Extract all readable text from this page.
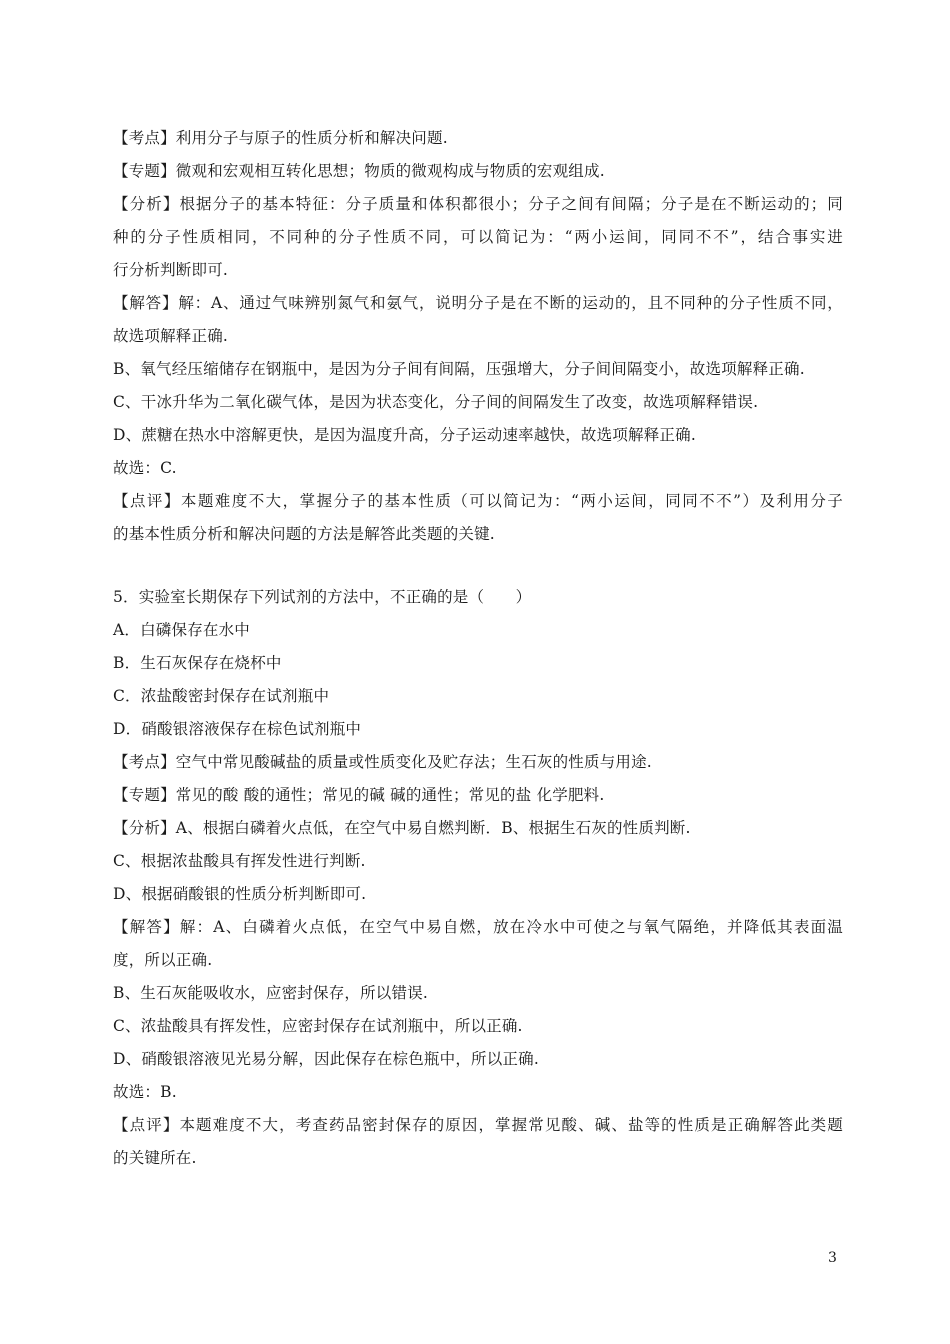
【考点】利用分子与原子的性质分析和解决问题.
【专题】微观和宏观相互转化思想；物质的微观构成与物质的宏观组成.
【分析】根据分子的基本特征：分子质量和体积都很小；分子之间有间隔；分子是在不断运动的；同
种的分子性质相同，不同种的分子性质不同，可以简记为：“两小运间，同同不不”，结合事实进
行分析判断即可.
【解答】解：A、通过气味辨别氮气和氨气，说明分子是在不断的运动的，且不同种的分子性质不同，
故选项解释正确.
B、氧气经压缩储存在钢瓶中，是因为分子间有间隔，压强增大，分子间间隔变小，故选项解释正确.
C、干冰升华为二氧化碳气体，是因为状态变化，分子间的间隔发生了改变，故选项解释错误.
D、蔗糖在热水中溶解更快，是因为温度升高，分子运动速率越快，故选项解释正确.
故选：C.
【点评】本题难度不大，掌握分子的基本性质（可以简记为：“两小运间，同同不不”）及利用分子
的基本性质分析和解决问题的方法是解答此类题的关键.
5．实验室长期保存下列试剂的方法中，不正确的是（　　）
A．白磷保存在水中
B．生石灰保存在烧杯中
C．浓盐酸密封保存在试剂瓶中
D．硝酸银溶液保存在棕色试剂瓶中
【考点】空气中常见酸碱盐的质量或性质变化及贮存法；生石灰的性质与用途.
【专题】常见的酸 酸的通性；常见的碱 碱的通性；常见的盐 化学肥料.
【分析】A、根据白磷着火点低，在空气中易自燃判断．B、根据生石灰的性质判断.
C、根据浓盐酸具有挥发性进行判断.
D、根据硝酸银的性质分析判断即可.
【解答】解：A、白磷着火点低，在空气中易自燃，放在冷水中可使之与氧气隔绝，并降低其表面温
度，所以正确.
B、生石灰能吸收水，应密封保存，所以错误.
C、浓盐酸具有挥发性，应密封保存在试剂瓶中，所以正确.
D、硝酸银溶液见光易分解，因此保存在棕色瓶中，所以正确.
故选：B.
【点评】本题难度不大，考查药品密封保存的原因，掌握常见酸、碱、盐等的性质是正确解答此类题
的关键所在.
3
